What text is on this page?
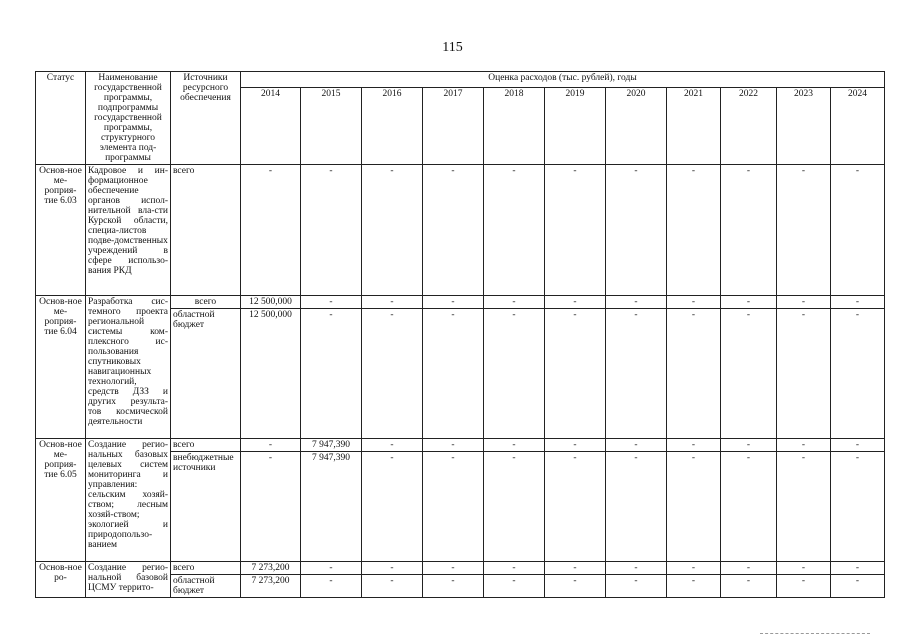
115
Статус	Наименование государственной программы, подпрограммы государственной программы, структурного элемента под-программы	Источники ресурсного обеспечения	Оценка расходов (тыс. рублей), годы										
			2014	2015	2016	2017	2018	2019	2020	2021	2022	2023	2024
Основ-ное ме-роприя-тие 6.03	Кадровое и ин-формационное обеспечение органов испол-нительной вла-сти Курской области, специа-листов подве-домственных учреждений в сфере использо-вания РКД	всего	-	-	-	-	-	-	-	-	-	-	-
Основ-ное ме-роприя-тие 6.04	Разработка сис-темного проекта региональной системы ком-плексного ис-пользования спутниковых навигационных технологий, средств ДЗЗ и других результа-тов космической деятельности	всего	12 500,000	-	-	-	-	-	-	-	-	-	-
		областной бюджет	12 500,000	-	-	-	-	-	-	-	-	-	-
Основ-ное ме-роприя-тие 6.05	Создание регио-нальных базовых целевых систем мониторинга и управления: сельским хозяй-ством; лесным хозяй-ством; экологией и природопользо-ванием	всего	-	7 947,390	-	-	-	-	-	-	-	-	-
		внебюджетные источники	-	7 947,390	-	-	-	-	-	-	-	-	-
Основ-ное ро-	Создание регио-нальной базовой ЦСМУ террито-	всего	7 273,200	-	-	-	-	-	-	-	-	-	-
		областной бюджет	7 273,200	-	-	-	-	-	-	-	-	-	-
